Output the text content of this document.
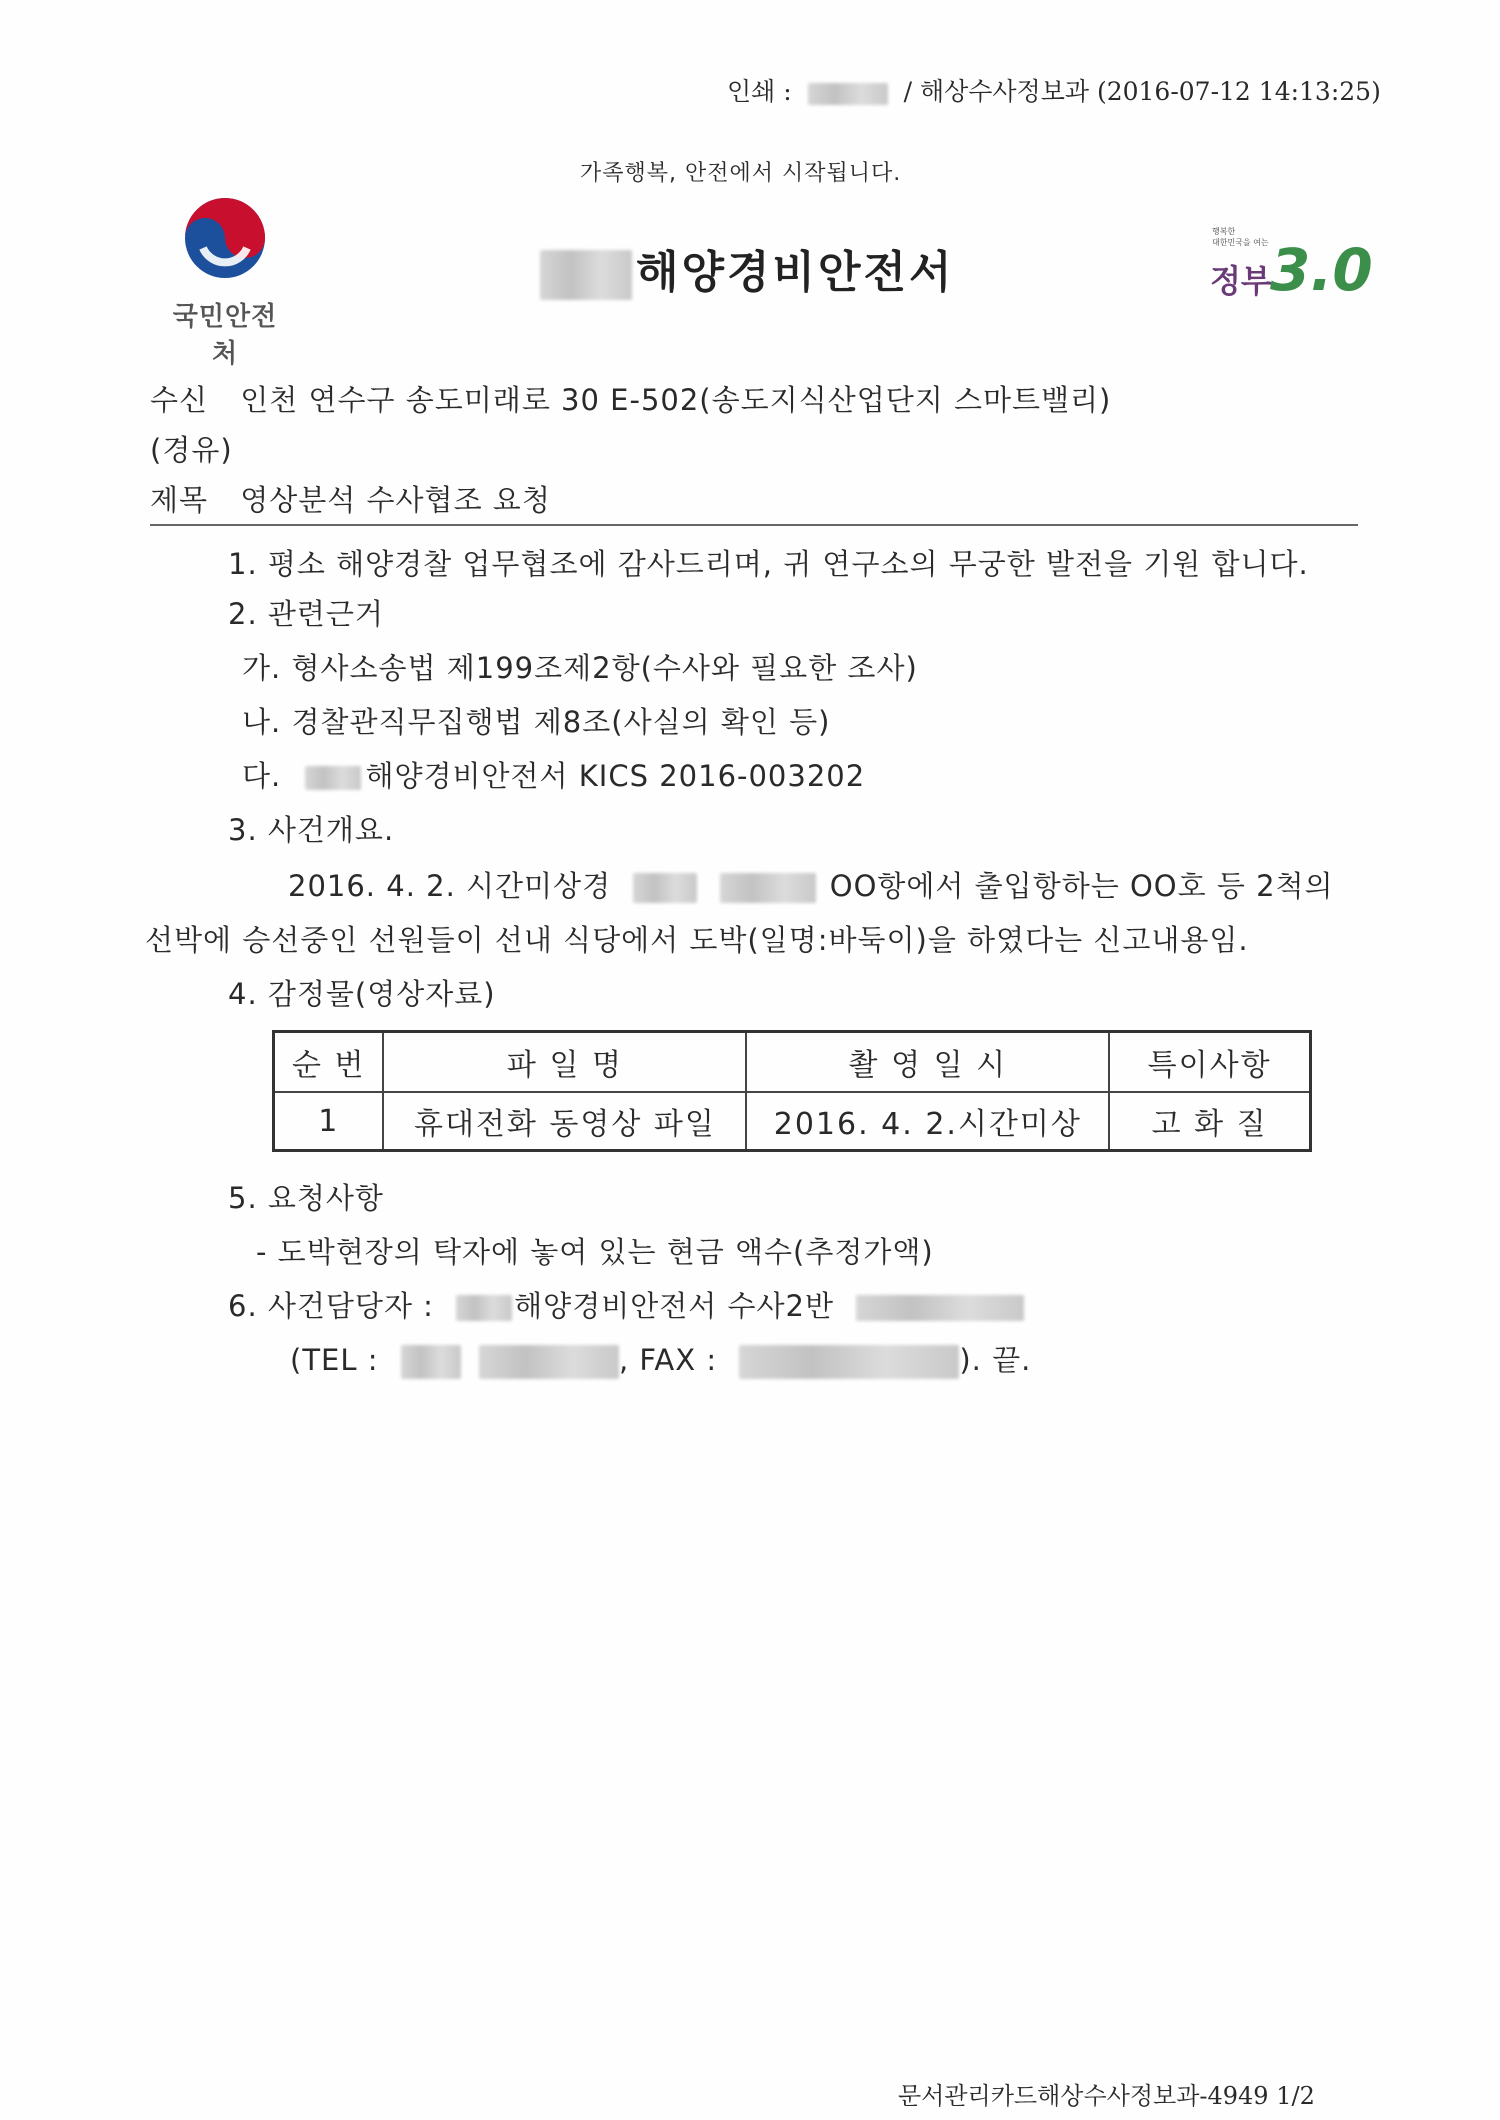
인쇄 :	/ 해상수사정보과 (2016-07-12 14:13:25)
가족행복, 안전에서 시작됩니다.
국민안전처
해양경비안전서
행복한
대한민국을 여는
정부
3.0
수신 인천 연수구 송도미래로 30 E-502(송도지식산업단지 스마트밸리)
(경유)
제목 영상분석 수사협조 요청
1. 평소 해양경찰 업무협조에 감사드리며, 귀 연구소의 무궁한 발전을 기원 합니다.
2. 관련근거
가. 형사소송법 제199조제2항(수사와 필요한 조사)
나. 경찰관직무집행법 제8조(사실의 확인 등)
다.	해양경비안전서 KICS 2016-003202
3. 사건개요.
2016. 4. 2. 시간미상경	OO항에서 출입항하는 OO호 등 2척의
선박에 승선중인 선원들이 선내 식당에서 도박(일명:바둑이)을 하였다는 신고내용임.
4. 감정물(영상자료)
순 번	파 일 명	촬 영 일 시	특이사항
1	휴대전화 동영상 파일	2016. 4. 2.시간미상	고 화 질
5. 요청사항
- 도박현장의 탁자에 놓여 있는 현금 액수(추정가액)
6. 사건담당자 :	해양경비안전서 수사2반
(TEL :	, FAX :	). 끝.
문서관리카드해상수사정보과-4949 1/2
